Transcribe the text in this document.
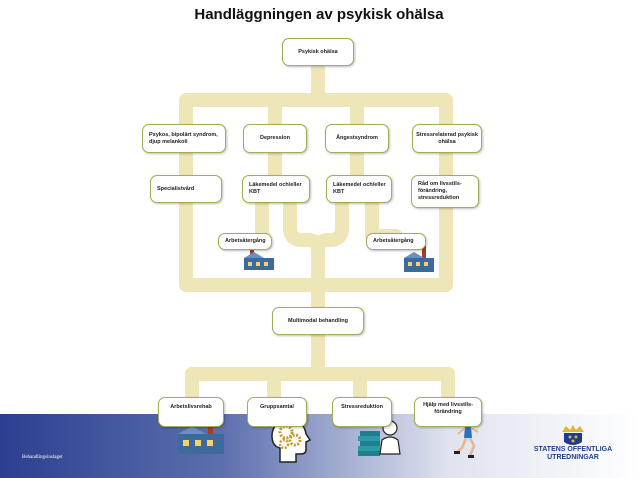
Handläggningen av psykisk ohälsa
Psykisk ohälsa
Psykos, bipolärt syndrom, djup melankoli
Depression	Ångestsyndrom
Stressrelaterad psykisk ohälsa
Specialistvård
Läkemedel och/eller KBT
Läkemedel och/eller KBT
Råd om livsstils-förändring, stressreduktion
Arbetsåtergång	Arbetsåtergång
Multimodal behandling
Arbetslivsrehab	Gruppsamtal	Stressreduktion	Hjälp med livsstils-förändring
Behandlingsinslaget
STATENS OFFENTLIGA
UTREDNINGAR
